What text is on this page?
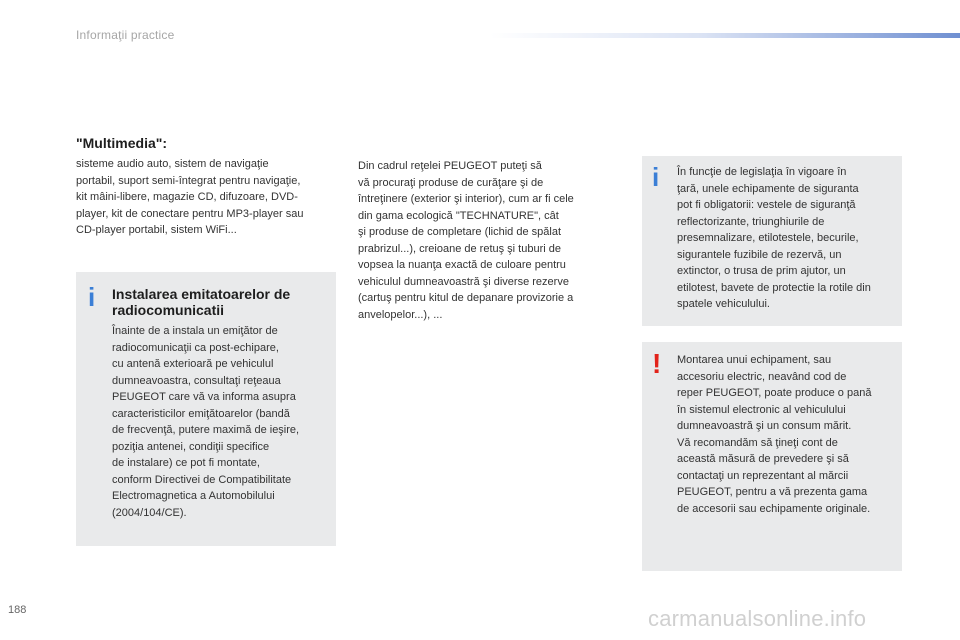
Informaţii practice
"Multimedia":

sisteme audio auto, sistem de navigaţie
portabil, suport semi-întegrat pentru navigaţie,
kit mâini-libere, magazie CD, difuzoare, DVD-
player, kit de conectare pentru MP3-player sau
CD-player portabil, sistem WiFi...

i Instalarea emitatoarelor de
radiocomunicatii

Înainte de a instala un emiţător de
radiocomunicaţii ca post-echipare,
cu antenă exterioară pe vehiculul
dumneavoastra, consultaţi reţeaua
PEUGEOT care vă va informa asupra
caracteristicilor emiţătoarelor (bandă
de frecvenţă, putere maximă de ieşire,
poziţia antenei, condiţii specifice
de instalare) ce pot fi montate,
conform Directivei de Compatibilitate
Electromagnetica a Automobilului
(2004/104/CE).

Din cadrul reţelei PEUGEOT puteţi să
vă procuraţi produse de curăţare şi de
întreţinere (exterior şi interior), cum ar fi cele
din gama ecologică "TECHNATURE", cât
şi produse de completare (lichid de spălat
prabrizul...), creioane de retuş şi tuburi de
vopsea la nuanţa exactă de culoare pentru
vehiculul dumneavoastră şi diverse rezerve
(cartuş pentru kitul de depanare provizorie a
anvelopelor...), ...

i În funcţie de legislaţia în vigoare în
ţară, unele echipamente de siguranta
pot fi obligatorii: vestele de siguranţă
reflectorizante, triunghiurile de
presemnalizare, etilotestele, becurile,
sigurantele fuzibile de rezervă, un
extinctor, o trusa de prim ajutor, un
etilotest, bavete de protectie la rotile din
spatele vehiculului.

! Montarea unui echipament, sau
accesoriu electric, neavând cod de
reper PEUGEOT, poate produce o pană
în sistemul electronic al vehiculului
dumneavoastră şi un consum mărit.
Vă recomandăm să ţineţi cont de
această măsură de prevedere şi să
contactaţi un reprezentant al mărcii
PEUGEOT, pentru a vă prezenta gama
de accesorii sau echipamente originale.

188	carmanualsonline.info
